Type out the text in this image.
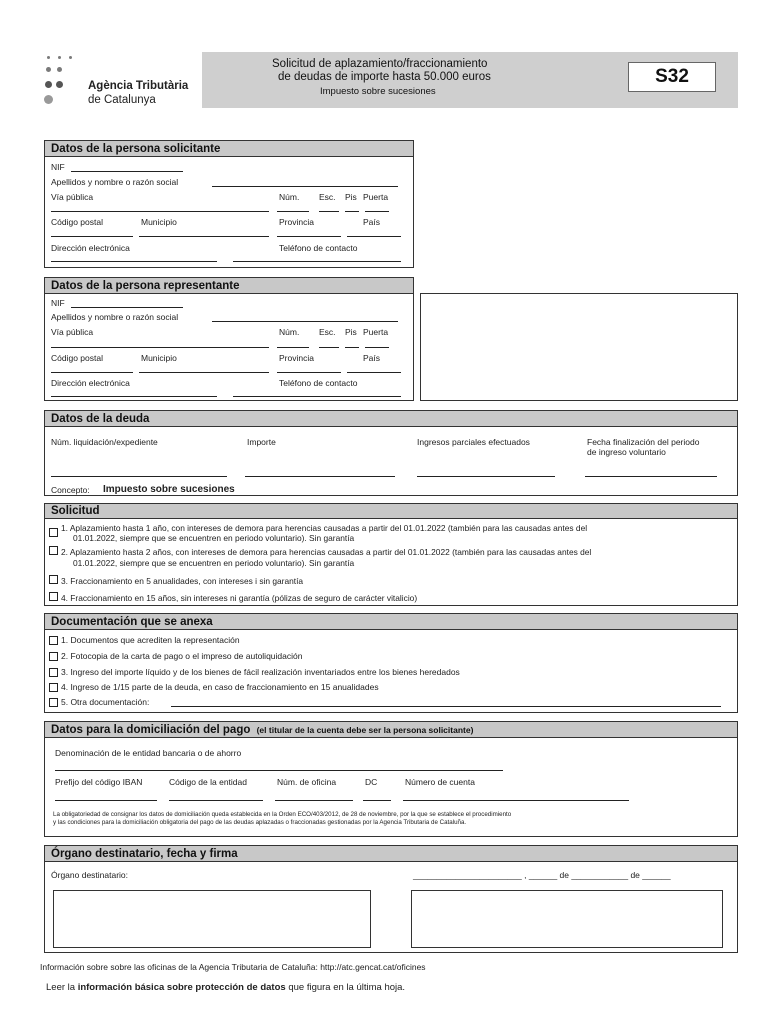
Agència Tributària
de Catalunya
Solicitud de aplazamiento/fraccionamiento
de deudas de importe hasta 50.000 euros
Impuesto sobre sucesiones
S32
Datos de la persona solicitante
NIF
Apellidos y nombre o razón social
Vía pública	Núm. Esc. Pis Puerta
Código postal	Municipio	Provincia	País
Dirección electrónica	Teléfono de contacto
Datos de la persona representante
NIF
Apellidos y nombre o razón social
Vía pública	Núm. Esc. Pis Puerta
Código postal	Municipio	Provincia	País
Dirección electrónica	Teléfono de contacto
Datos de la deuda
Núm. liquidación/expediente	Importe	Ingresos parciales efectuados	Fecha finalización del periodo
de ingreso voluntario
Concepto: Impuesto sobre sucesiones
Solicitud
1. Aplazamiento hasta 1 año, con intereses de demora para herencias causadas a partir del 01.01.2022 (también para las causadas antes del
01.01.2022, siempre que se encuentren en periodo voluntario). Sin garantía
2. Aplazamiento hasta 2 años, con intereses de demora para herencias causadas a partir del 01.01.2022 (también para las causadas antes del
01.01.2022, siempre que se encuentren en periodo voluntario). Sin garantía
3. Fraccionamiento en 5 anualidades, con intereses i sin garantía
4. Fraccionamiento en 15 años, sin intereses ni garantía (pólizas de seguro de carácter vitalicio)
Documentación que se anexa
1. Documentos que acrediten la representación
2. Fotocopia de la carta de pago o el impreso de autoliquidación
3. Ingreso del importe líquido y de los bienes de fácil realización inventariados entre los bienes heredados
4. Ingreso de 1/15 parte de la deuda, en caso de fraccionamiento en 15 anualidades
5. Otra documentación:
Datos para la domiciliación del pago (el titular de la cuenta debe ser la persona solicitante)
Denominación de le entidad bancaria o de ahorro
Prefijo del código IBAN	Código de la entidad	Núm. de oficina	DC	Número de cuenta
La obligatoriedad de consignar los datos de domiciliación queda establecida en la Orden ECO/403/2012, de 28 de noviembre, por la que se establece el procedimiento
y las condiciones para la domiciliación obligatoria del pago de las deudas aplazadas o fraccionadas gestionadas por la Agencia Tributaria de Cataluña.
Órgano destinatario, fecha y firma
Órgano destinatario:	_______________________ , ______ de ____________ de ______
Información sobre sobre las oficinas de la Agencia Tributaria de Cataluña: http://atc.gencat.cat/oficines
Leer la información básica sobre protección de datos que figura en la última hoja.
